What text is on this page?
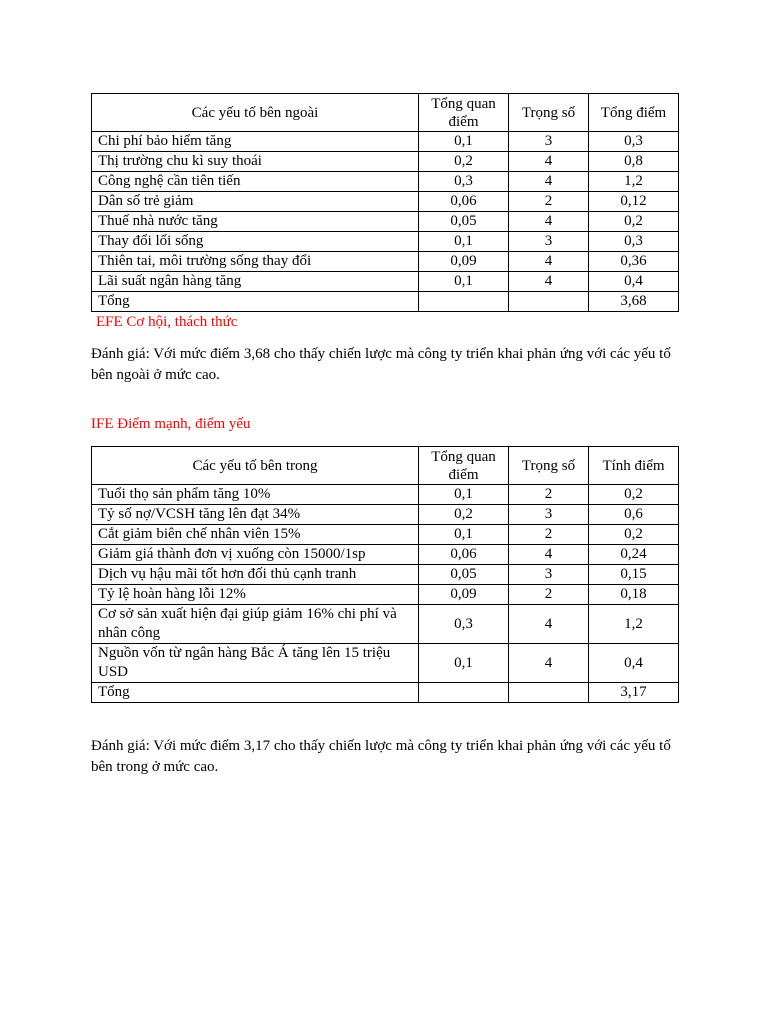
Các yếu tố bên ngoài	Tổng quan điểm	Trọng số	Tổng điểm
Chi phí bảo hiểm tăng	0,1	3	0,3
Thị trường chu kì suy thoái	0,2	4	0,8
Công nghệ cần tiên tiến	0,3	4	1,2
Dân số trẻ giảm	0,06	2	0,12
Thuế nhà nước tăng	0,05	4	0,2
Thay đổi lối sống	0,1	3	0,3
Thiên tai, môi trường sống thay đổi	0,09	4	0,36
Lãi suất ngân hàng tăng	0,1	4	0,4
Tổng			3,68
EFE Cơ hội, thách thức
Đánh giá: Với mức điểm 3,68 cho thấy chiến lược mà công ty triển khai phản ứng với các yếu tố bên ngoài ở mức cao.
IFE Điểm mạnh, điểm yếu
Các yếu tố bên trong	Tổng quan điểm	Trọng số	Tính điểm
Tuổi thọ sản phẩm tăng 10%	0,1	2	0,2
Tỷ số nợ/VCSH tăng lên đạt 34%	0,2	3	0,6
Cắt giảm biên chế nhân viên 15%	0,1	2	0,2
Giảm giá thành đơn vị xuống còn 15000/1sp	0,06	4	0,24
Dịch vụ hậu mãi tốt hơn đối thủ cạnh tranh	0,05	3	0,15
Tỷ lệ hoàn hàng lỗi 12%	0,09	2	0,18
Cơ sở sản xuất hiện đại giúp giảm 16% chi phí và nhân công	0,3	4	1,2
Nguồn vốn từ ngân hàng Bắc Á tăng lên 15 triệu USD	0,1	4	0,4
Tổng			3,17
Đánh giá: Với mức điểm 3,17 cho thấy chiến lược mà công ty triển khai phản ứng với các yếu tố bên trong ở mức cao.
